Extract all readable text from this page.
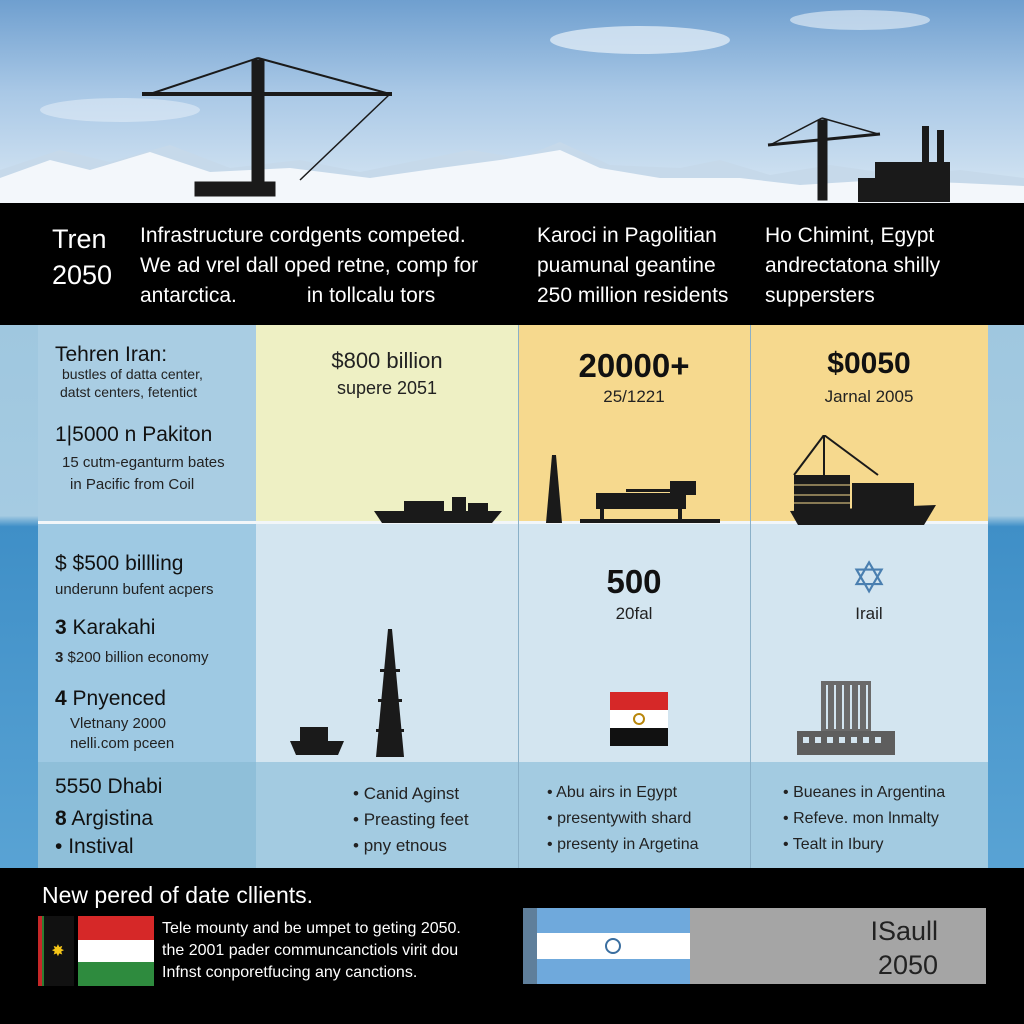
Tren
2050
Infrastructure cordgents competed.
We ad vrel dall oped retne, comp for
antarctica.	in tollcalu tors
Karoci in Pagolitian
puamunal geantine
250 million residents
Ho Chimint, Egypt
andrectatona shilly
suppersters
Tehren Iran:
bustles of datta center,
datst centers, fetentict
1|5000 n Pakiton
15 cutm-eganturm bates
in Pacific from Coil
$ $500 billling
underunn bufent acpers
3 Karakahi
3 $200 billion economy
4 Pnyenced
Vletnany 2000
nelli.com pceen
5550 Dhabi
8 Argistina
• Instival
$800 billion
supere 2051
• Canid Aginst
• Preasting feet
• pny etnous
20000+
25/1221
500
20fal
• Abu airs in Egypt
• presentywith shard
• presenty in Argetina
$0050
Jarnal 2005
✡
Irail
• Bueanes in Argentina
• Refeve. mon lnmalty
• Tealt in Ibury
New pered of date cllients.
✸
Tele mounty and be umpet to geting 2050.
the 2001 pader communcanctiols virit dou
Infnst conporetfucing any canctions.
ISaull
2050
